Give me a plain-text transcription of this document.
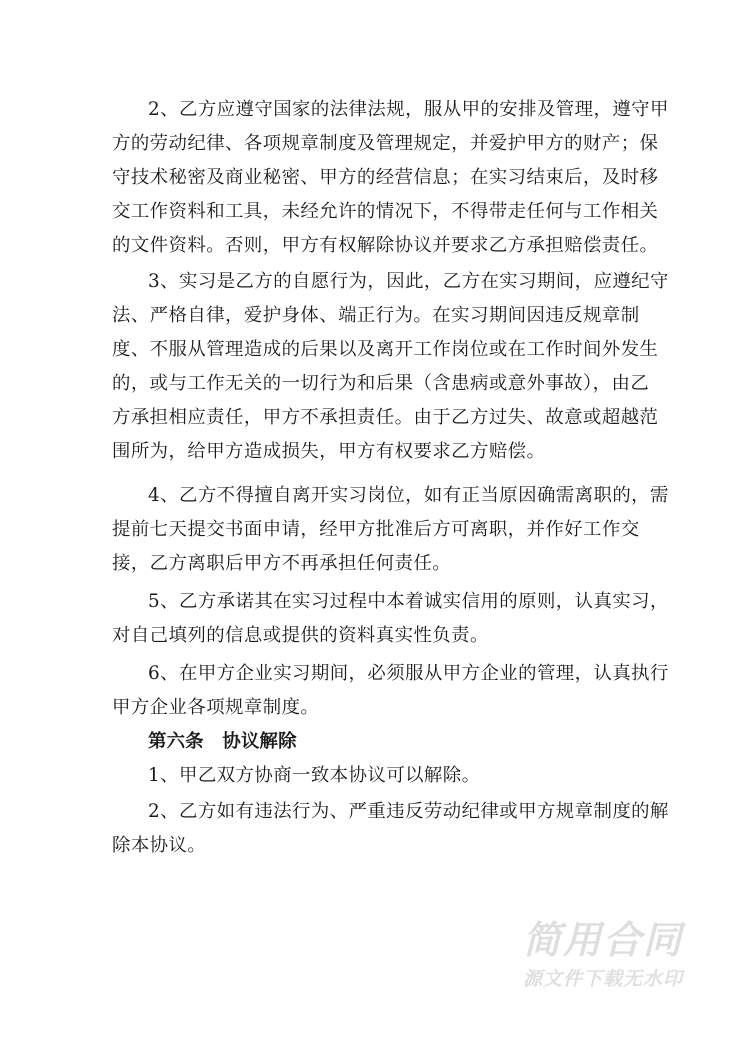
2、乙方应遵守国家的法律法规，服从甲的安排及管理，遵守甲
方的劳动纪律、各项规章制度及管理规定，并爱护甲方的财产；保
守技术秘密及商业秘密、甲方的经营信息；在实习结束后，及时移
交工作资料和工具，未经允许的情况下，不得带走任何与工作相关
的文件资料。否则，甲方有权解除协议并要求乙方承担赔偿责任。
3、实习是乙方的自愿行为，因此，乙方在实习期间，应遵纪守
法、严格自律，爱护身体、端正行为。在实习期间因违反规章制
度、不服从管理造成的后果以及离开工作岗位或在工作时间外发生
的，或与工作无关的一切行为和后果（含患病或意外事故），由乙
方承担相应责任，甲方不承担责任。由于乙方过失、故意或超越范
围所为，给甲方造成损失，甲方有权要求乙方赔偿。
4、乙方不得擅自离开实习岗位，如有正当原因确需离职的，需
提前七天提交书面申请，经甲方批准后方可离职，并作好工作交
接，乙方离职后甲方不再承担任何责任。
5、乙方承诺其在实习过程中本着诚实信用的原则，认真实习，
对自己填列的信息或提供的资料真实性负责。
6、在甲方企业实习期间，必须服从甲方企业的管理，认真执行
甲方企业各项规章制度。
第六条　协议解除
1、甲乙双方协商一致本协议可以解除。
2、乙方如有违法行为、严重违反劳动纪律或甲方规章制度的解
除本协议。
简用合同
源文件下载无水印
